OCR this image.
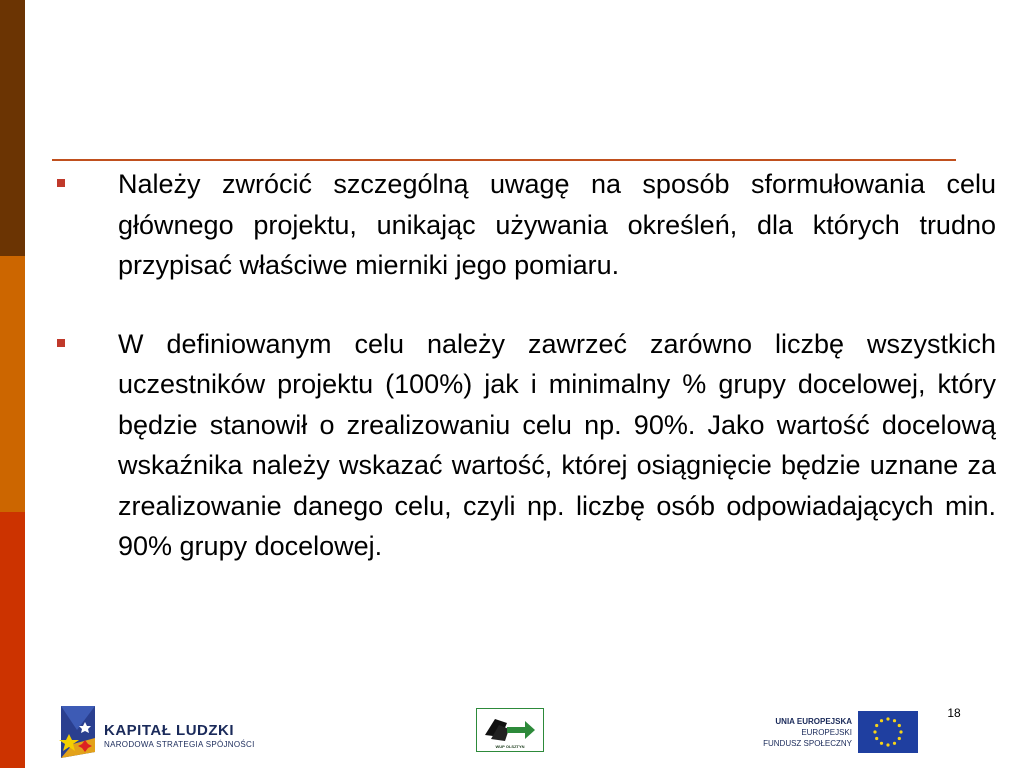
Należy zwrócić szczególną uwagę na sposób sformułowania celu głównego projektu, unikając używania określeń, dla których trudno przypisać właściwe mierniki jego pomiaru.
W definiowanym celu należy zawrzeć zarówno liczbę wszystkich uczestników projektu (100%) jak i minimalny % grupy docelowej, który będzie stanowił o zrealizowaniu celu np. 90%. Jako wartość docelową wskaźnika należy wskazać wartość, której osiągnięcie będzie uznane za zrealizowanie danego celu, czyli np. liczbę osób odpowiadających min. 90% grupy docelowej.
KAPITAŁ LUDZKI
NARODOWA STRATEGIA SPÓJNOŚCI	WUP OLSZTYN
18
UNIA EUROPEJSKA
EUROPEJSKI
FUNDUSZ SPOŁECZNY
